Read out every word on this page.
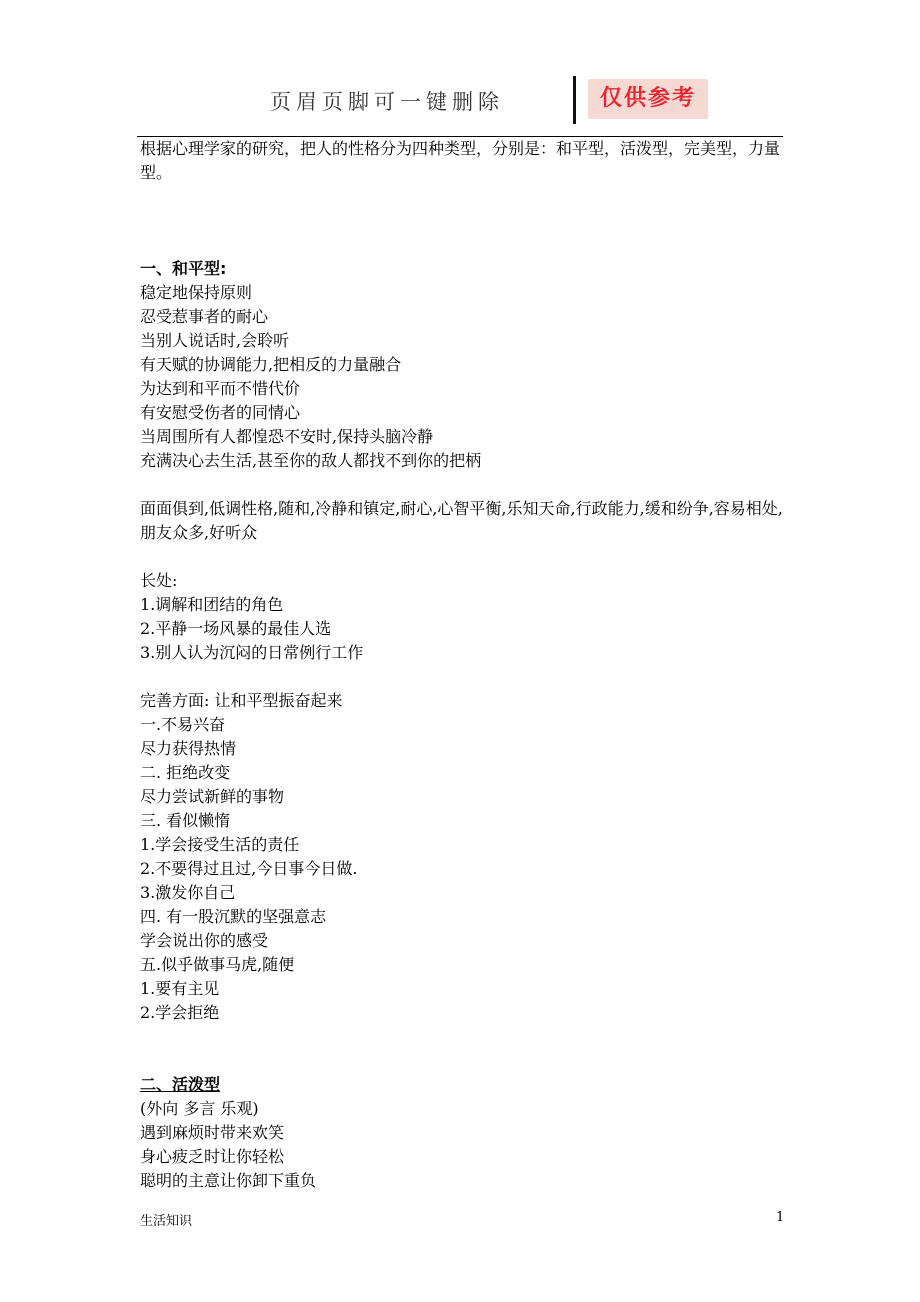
页眉页脚可一键删除	仅供参考
根据心理学家的研究，把人的性格分为四种类型，分别是：和平型，活泼型，完美型，力量型。
一、和平型:
稳定地保持原则
忍受惹事者的耐心
当别人说话时,会聆听
有天赋的协调能力,把相反的力量融合
为达到和平而不惜代价
有安慰受伤者的同情心
当周围所有人都惶恐不安时,保持头脑冷静
充满决心去生活,甚至你的敌人都找不到你的把柄
面面俱到,低调性格,随和,冷静和镇定,耐心,心智平衡,乐知天命,行政能力,缓和纷争,容易相处,朋友众多,好听众
长处:
1.调解和团结的角色
2.平静一场风暴的最佳人选
3.别人认为沉闷的日常例行工作
完善方面: 让和平型振奋起来
一.不易兴奋
尽力获得热情
二. 拒绝改变
尽力尝试新鲜的事物
三. 看似懒惰
1.学会接受生活的责任
2.不要得过且过,今日事今日做.
3.激发你自己
四. 有一股沉默的坚强意志
学会说出你的感受
五.似乎做事马虎,随便
1.要有主见
2.学会拒绝
二、活泼型
(外向 多言 乐观)
遇到麻烦时带来欢笑
身心疲乏时让你轻松
聪明的主意让你卸下重负
生活知识	1
